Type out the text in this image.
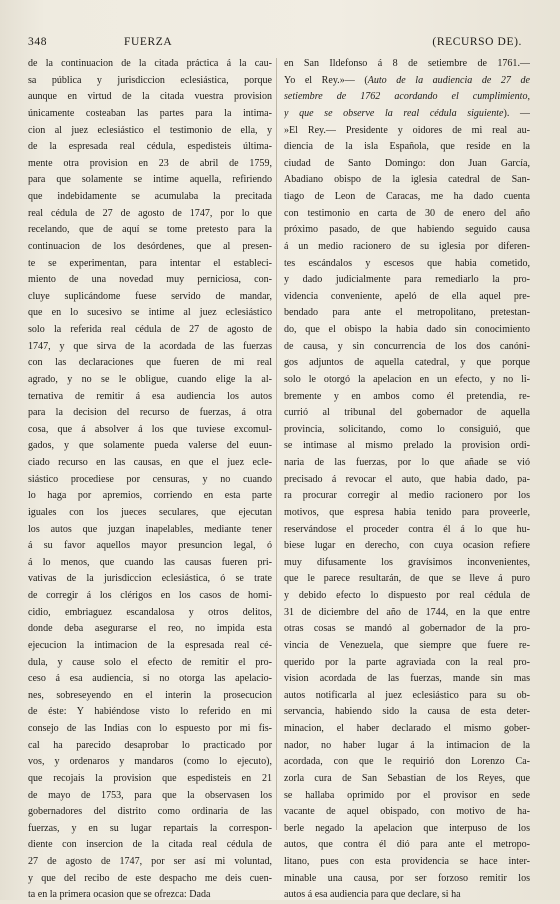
348	FUERZA	(RECURSO DE).
de la continuacion de la citada práctica á la cau-
sa pública y jurisdiccion eclesiástica, porque
aunque en virtud de la citada vuestra provision
únicamente costeaban las partes para la intima-
cion al juez eclesiástico el testimonio de ella, y
de la espresada real cédula, espedisteis última-
mente otra provision en 23 de abril de 1759,
para que solamente se intime aquella, refiriendo
que indebidamente se acumulaba la precitada
real cédula de 27 de agosto de 1747, por lo que
recelando, que de aquí se tome pretesto para la
continuacion de los desórdenes, que al presen-
te se experimentan, para intentar el estableci-
miento de una novedad muy perniciosa, con-
cluye suplicándome fuese servido de mandar,
que en lo sucesivo se intime al juez eclesiástico
solo la referida real cédula de 27 de agosto de
1747, y que sirva de la acordada de las fuerzas
con las declaraciones que fueren de mi real
agrado, y no se le obligue, cuando elige la al-
ternativa de remitir á esa audiencia los autos
para la decision del recurso de fuerzas, á otra
cosa, que á absolver á los que tuviese excomul-
gados, y que solamente pueda valerse del euun-
ciado recurso en las causas, en que el juez ecle-
siástico procediese por censuras, y no cuando
lo haga por apremios, corriendo en esta parte
iguales con los jueces seculares, que ejecutan
los autos que juzgan inapelables, mediante tener
á su favor aquellos mayor presuncion legal, ó
á lo menos, que cuando las causas fueren pri-
vativas de la jurisdiccion eclesiástica, ó se trate
de corregir á los clérigos en los casos de homi-
cidio, embriaguez escandalosa y otros delitos,
donde deba asegurarse el reo, no impida esta
ejecucion la intimacion de la espresada real cé-
dula, y cause solo el efecto de remitir el pro-
ceso á esa audiencia, si no otorga las apelacio-
nes, sobreseyendo en el interin la prosecucion
de éste: Y habiéndose visto lo referido en mi
consejo de las Indias con lo espuesto por mi fis-
cal ha parecido desaprobar lo practicado por
vos, y ordenaros y mandaros (como lo ejecuto),
que recojais la provision que espedisteis en 21
de mayo de 1753, para que la observasen los
gobernadores del distrito como ordinaria de las
fuerzas, y en su lugar repartais la correspon-
diente con insercion de la citada real cédula de
27 de agosto de 1747, por ser así mi voluntad,
y que del recibo de este despacho me deis cuen-
ta en la primera ocasion que se ofrezca: Dada
en San Ildefonso á 8 de setiembre de 1761.—
Yo el Rey.»— (Auto de la audiencia de 27 de
setiembre de 1762 acordando el cumplimiento,
y que se observe la real cédula siguiente). —
»El Rey.— Presidente y oidores de mi real au-
diencia de la isla Española, que reside en la
ciudad de Santo Domingo: don Juan García,
Abadiano obispo de la iglesia catedral de San-
tiago de Leon de Caracas, me ha dado cuenta
con testimonio en carta de 30 de enero del año
próximo pasado, de que habiendo seguido causa
á un medio racionero de su iglesia por diferen-
tes escándalos y escesos que habia cometido,
y dado judicialmente para remediarlo la pro-
videncia conveniente, apeló de ella aquel pre-
bendado para ante el metropolitano, pretestan-
do, que el obispo la habia dado sin conocimiento
de causa, y sin concurrencia de los dos canóni-
gos adjuntos de aquella catedral, y que porque
solo le otorgó la apelacion en un efecto, y no li-
bremente y en ambos como él pretendia, re-
currió al tribunal del gobernador de aquella
provincia, solicitando, como lo consiguió, que
se intimase al mismo prelado la provision ordi-
naria de las fuerzas, por lo que añade se vió
precisado á revocar el auto, que habia dado, pa-
ra procurar corregir al medio racionero por los
motivos, que espresa habia tenido para proveerle,
reservándose el proceder contra él á lo que hu-
biese lugar en derecho, con cuya ocasion refiere
muy difusamente los gravísimos inconvenientes,
que le parece resultarán, de que se lleve á puro
y debido efecto lo dispuesto por real cédula de
31 de diciembre del año de 1744, en la que entre
otras cosas se mandó al gobernador de la pro-
vincia de Venezuela, que siempre que fuere re-
querido por la parte agraviada con la real pro-
vision acordada de las fuerzas, mande sin mas
autos notificarla al juez eclesiástico para su ob-
servancia, habiendo sido la causa de esta deter-
minacion, el haber declarado el mismo gober-
nador, no haber lugar á la intimacion de la
acordada, con que le requirió don Lorenzo Ca-
zorla cura de San Sebastian de los Reyes, que
se hallaba oprimido por el provisor en sede
vacante de aquel obispado, con motivo de ha-
berle negado la apelacion que interpuso de los
autos, que contra él dió para ante el metropo-
litano, pues con esta providencia se hace inter-
minable una causa, por ser forzoso remitir los
autos á esa audiencia para que declare, si ha
